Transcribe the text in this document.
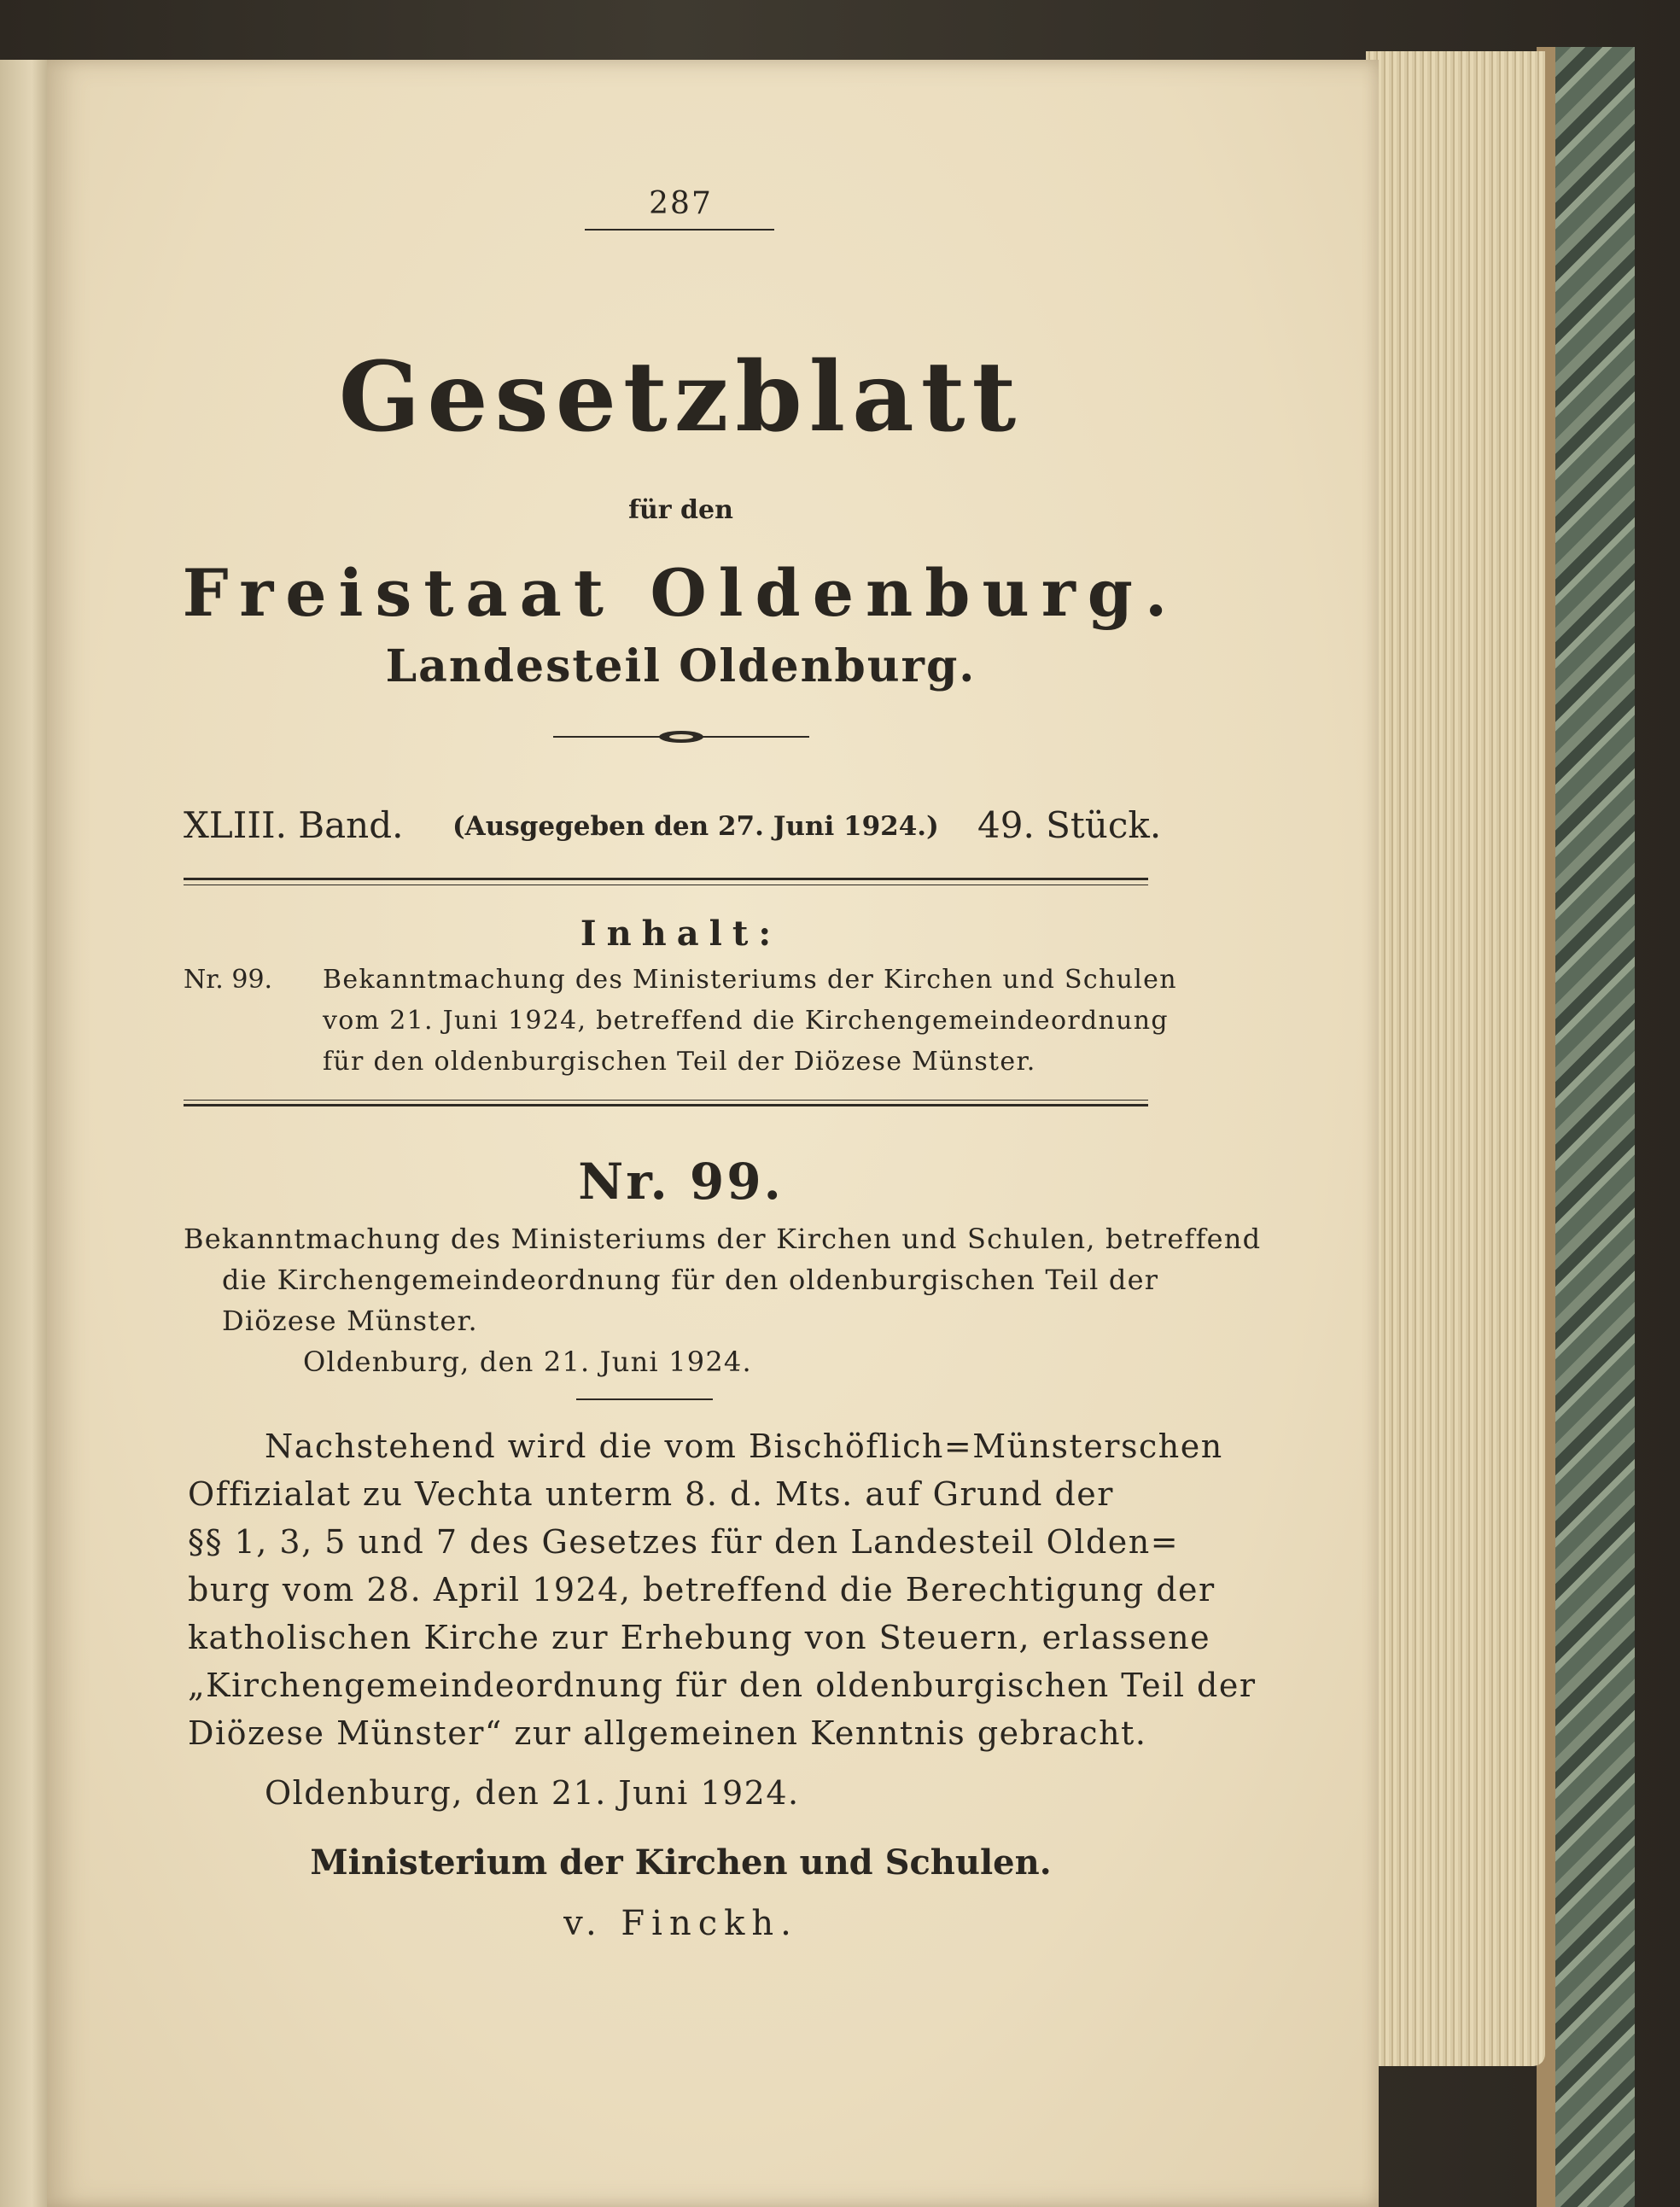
287
Gesetzblatt
für den
Freistaat Oldenburg.
Landesteil Oldenburg.
XLIII. Band. (Ausgegeben den 27. Juni 1924.) 49. Stück.
Inhalt:
Nr. 99. Bekanntmachung des Ministeriums der Kirchen und Schulen
vom 21. Juni 1924, betreffend die Kirchengemeindeordnung
für den oldenburgischen Teil der Diözese Münster.
Nr. 99.
Bekanntmachung des Ministeriums der Kirchen und Schulen, betreffend
die Kirchengemeindeordnung für den oldenburgischen Teil der
Diözese Münster.
Oldenburg, den 21. Juni 1924.
Nachstehend wird die vom Bischöflich=Münsterschen
Offizialat zu Vechta unterm 8. d. Mts. auf Grund der
§§ 1, 3, 5 und 7 des Gesetzes für den Landesteil Olden=
burg vom 28. April 1924, betreffend die Berechtigung der
katholischen Kirche zur Erhebung von Steuern, erlassene
„Kirchengemeindeordnung für den oldenburgischen Teil der
Diözese Münster“ zur allgemeinen Kenntnis gebracht.
Oldenburg, den 21. Juni 1924.
Ministerium der Kirchen und Schulen.
v. Finckh.
